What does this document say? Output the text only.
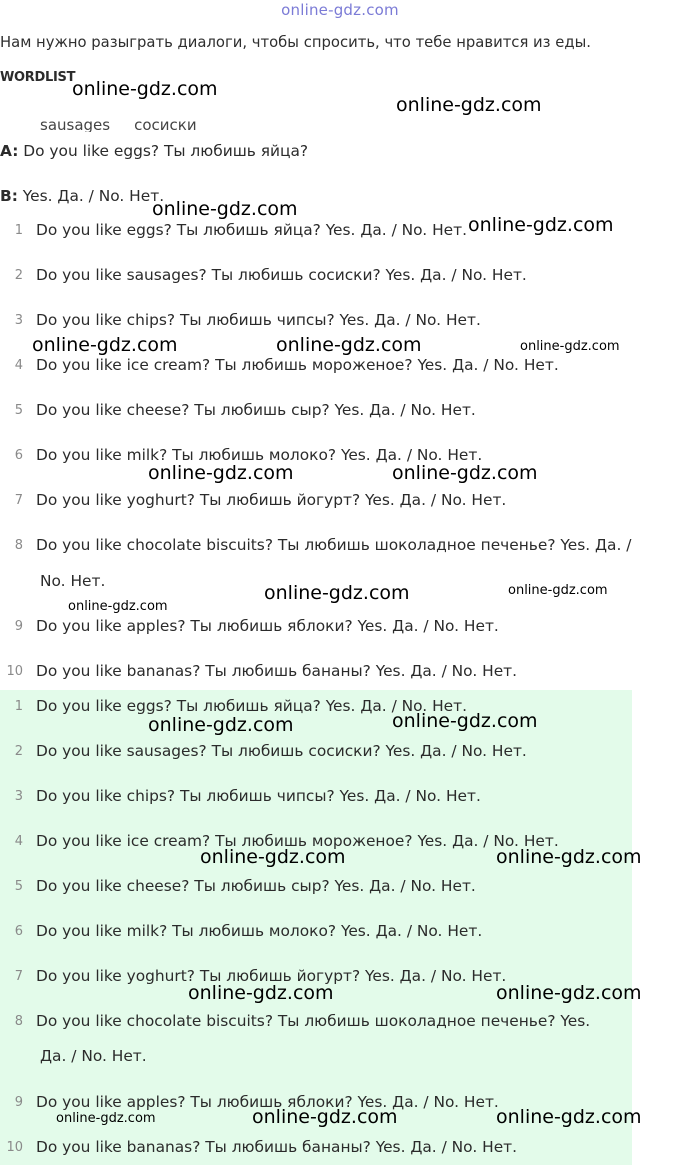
online-gdz.com
Нам нужно разыграть диалоги, чтобы спросить, что тебе нравится из еды.
WORDLIST
sausages сосиски
A: Do you like eggs? Ты любишь яйца?
B: Yes. Да. / No. Нет.
1 Do you like eggs? Ты любишь яйца? Yes. Да. / No. Нет.
2 Do you like sausages? Ты любишь сосиски? Yes. Да. / No. Нет.
3 Do you like chips? Ты любишь чипсы? Yes. Да. / No. Нет.
4 Do you like ice cream? Ты любишь мороженое? Yes. Да. / No. Нет.
5 Do you like cheese? Ты любишь сыр? Yes. Да. / No. Нет.
6 Do you like milk? Ты любишь молоко? Yes. Да. / No. Нет.
7 Do you like yoghurt? Ты любишь йогурт? Yes. Да. / No. Нет.
8 Do you like chocolate biscuits? Ты любишь шоколадное печенье? Yes. Да. /
No. Нет.
9 Do you like apples? Ты любишь яблоки? Yes. Да. / No. Нет.
10 Do you like bananas? Ты любишь бананы? Yes. Да. / No. Нет.
1 Do you like eggs? Ты любишь яйца? Yes. Да. / No. Нет.
2 Do you like sausages? Ты любишь сосиски? Yes. Да. / No. Нет.
3 Do you like chips? Ты любишь чипсы? Yes. Да. / No. Нет.
4 Do you like ice cream? Ты любишь мороженое? Yes. Да. / No. Нет.
5 Do you like cheese? Ты любишь сыр? Yes. Да. / No. Нет.
6 Do you like milk? Ты любишь молоко? Yes. Да. / No. Нет.
7 Do you like yoghurt? Ты любишь йогурт? Yes. Да. / No. Нет.
8 Do you like chocolate biscuits? Ты любишь шоколадное печенье? Yes.
Да. / No. Нет.
9 Do you like apples? Ты любишь яблоки? Yes. Да. / No. Нет.
10 Do you like bananas? Ты любишь бананы? Yes. Да. / No. Нет.
online-gdz.com
online-gdz.com
online-gdz.com
online-gdz.com
online-gdz.com	online-gdz.com	online-gdz.com
online-gdz.com	online-gdz.com
online-gdz.com
online-gdz.com
online-gdz.com
online-gdz.com
online-gdz.com
online-gdz.com	online-gdz.com
online-gdz.com	online-gdz.com
online-gdz.com	online-gdz.com	online-gdz.com
